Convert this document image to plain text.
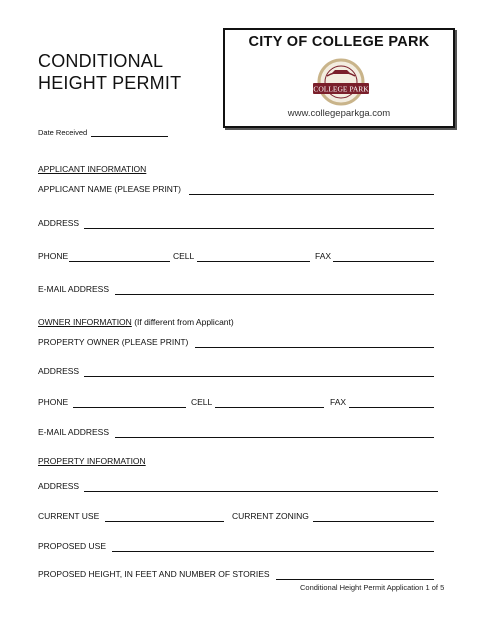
CONDITIONAL
HEIGHT PERMIT
CITY OF COLLEGE PARK
COLLEGE PARK
www.collegeparkga.com
Date Received
APPLICANT INFORMATION
APPLICANT NAME (PLEASE PRINT)
ADDRESS
PHONE	CELL	FAX
E-MAIL ADDRESS
OWNER INFORMATION (If different from Applicant)
PROPERTY OWNER (PLEASE PRINT)
ADDRESS
PHONE	CELL	FAX
E-MAIL ADDRESS
PROPERTY INFORMATION
ADDRESS
CURRENT USE	CURRENT ZONING
PROPOSED USE
PROPOSED HEIGHT, IN FEET AND NUMBER OF STORIES
Conditional Height Permit Application 1 of 5
